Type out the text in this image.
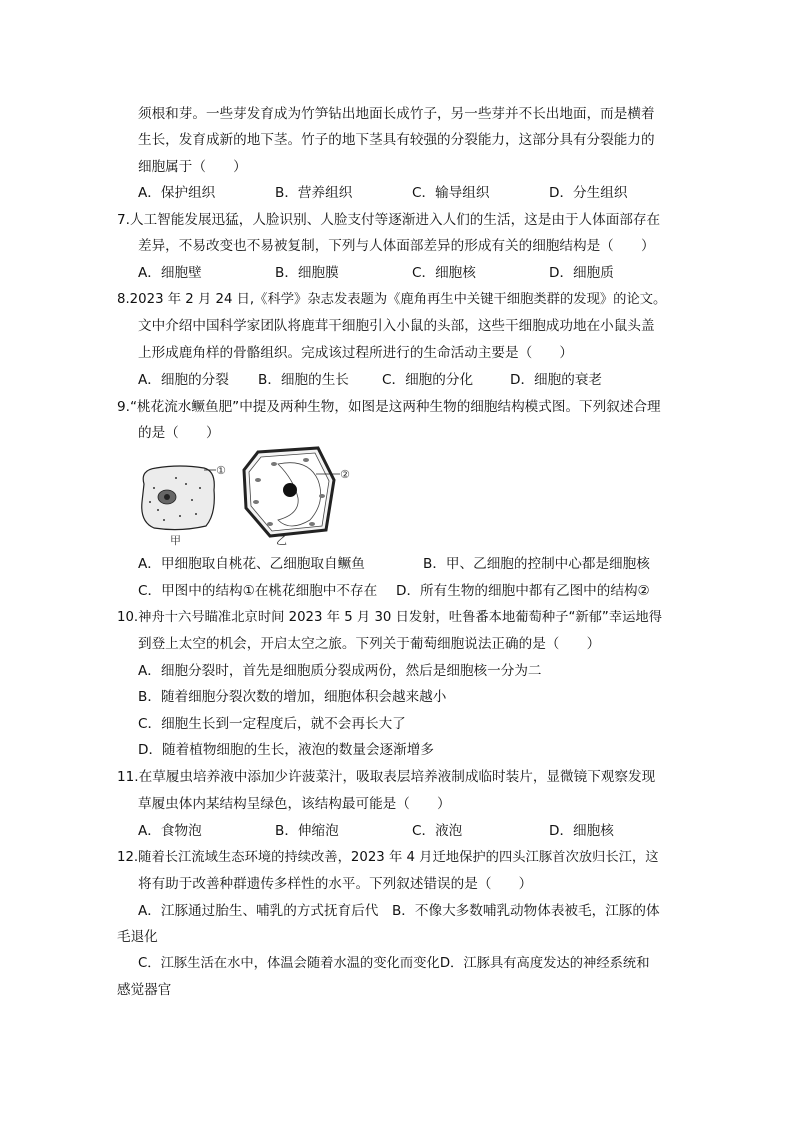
须根和芽。一些芽发育成为竹笋钻出地面长成竹子，另一些芽并不长出地面，而是横着
生长，发育成新的地下茎。竹子的地下茎具有较强的分裂能力，这部分具有分裂能力的
细胞属于（　　）
A．保护组织	B．营养组织	C．输导组织	D．分生组织
7.人工智能发展迅猛，人脸识别、人脸支付等逐渐进入人们的生活，这是由于人体面部存在
差异，不易改变也不易被复制，下列与人体面部差异的形成有关的细胞结构是（　　）
A．细胞壁	B．细胞膜	C．细胞核	D．细胞质
8.2023 年 2 月 24 日,《科学》杂志发表题为《鹿角再生中关键干细胞类群的发现》的论文。
文中介绍中国科学家团队将鹿茸干细胞引入小鼠的头部，这些干细胞成功地在小鼠头盖
上形成鹿角样的骨骼组织。完成该过程所进行的生命活动主要是（　　）
A．细胞的分裂	B．细胞的生长	C．细胞的分化	D．细胞的衰老
9.“桃花流水鳜鱼肥”中提及两种生物，如图是这两种生物的细胞结构模式图。下列叙述合理
的是（　　）
①
甲
②
乙
A．甲细胞取自桃花、乙细胞取自鳜鱼	B．甲、乙细胞的控制中心都是细胞核
C．甲图中的结构①在桃花细胞中不存在	D．所有生物的细胞中都有乙图中的结构②
10.神舟十六号瞄准北京时间 2023 年 5 月 30 日发射，吐鲁番本地葡萄种子“新郁”幸运地得
到登上太空的机会，开启太空之旅。下列关于葡萄细胞说法正确的是（　　）
A．细胞分裂时，首先是细胞质分裂成两份，然后是细胞核一分为二
B．随着细胞分裂次数的增加，细胞体积会越来越小
C．细胞生长到一定程度后，就不会再长大了
D．随着植物细胞的生长，液泡的数量会逐渐增多
11.在草履虫培养液中添加少许菠菜汁，吸取表层培养液制成临时装片，显微镜下观察发现
草履虫体内某结构呈绿色，该结构最可能是（　　）
A．食物泡	B．伸缩泡	C．液泡	D．细胞核
12.随着长江流域生态环境的持续改善，2023 年 4 月迁地保护的四头江豚首次放归长江，这
将有助于改善种群遗传多样性的水平。下列叙述错误的是（　　）
A．江豚通过胎生、哺乳的方式抚育后代　B．不像大多数哺乳动物体表被毛，江豚的体
毛退化
C．江豚生活在水中，体温会随着水温的变化而变化D．江豚具有高度发达的神经系统和
感觉器官
